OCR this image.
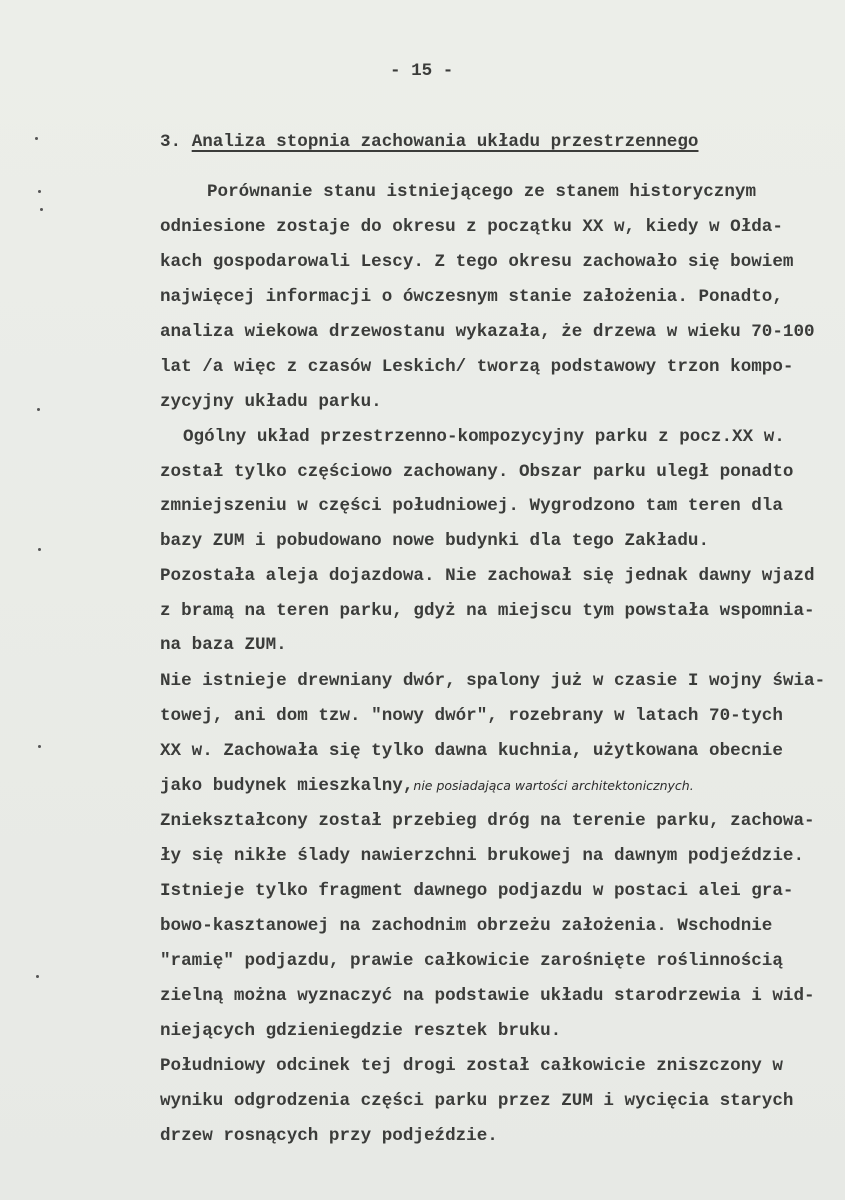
- 15 -
3. Analiza stopnia zachowania układu przestrzennego
Porównanie stanu istniejącego ze stanem historycznym
odniesione zostaje do okresu z początku XX w, kiedy w Ołda-
kach gospodarowali Lescy. Z tego okresu zachowało się bowiem
najwięcej informacji o ówczesnym stanie założenia. Ponadto,
analiza wiekowa drzewostanu wykazała, że drzewa w wieku 70-100
lat /a więc z czasów Leskich/ tworzą podstawowy trzon kompo-
zycyjny układu parku.
Ogólny układ przestrzenno-kompozycyjny parku z pocz.XX w.
został tylko częściowo zachowany. Obszar parku uległ ponadto
zmniejszeniu w części południowej. Wygrodzono tam teren dla
bazy ZUM i pobudowano nowe budynki dla tego Zakładu.
Pozostała aleja dojazdowa. Nie zachował się jednak dawny wjazd
z bramą na teren parku, gdyż na miejscu tym powstała wspomnia-
na baza ZUM.
Nie istnieje drewniany dwór, spalony już w czasie I wojny świa-
towej, ani dom tzw. "nowy dwór", rozebrany w latach 70-tych
XX w. Zachowała się tylko dawna kuchnia, użytkowana obecnie
jako budynek mieszkalny,nie posiadająca wartości architektonicznych.
Zniekształcony został przebieg dróg na terenie parku, zachowa-
ły się nikłe ślady nawierzchni brukowej na dawnym podjeździe.
Istnieje tylko fragment dawnego podjazdu w postaci alei gra-
bowo-kasztanowej na zachodnim obrzeżu założenia. Wschodnie
"ramię" podjazdu, prawie całkowicie zarośnięte roślinnością
zielną można wyznaczyć na podstawie układu starodrzewia i wid-
niejących gdzieniegdzie resztek bruku.
Południowy odcinek tej drogi został całkowicie zniszczony w
wyniku odgrodzenia części parku przez ZUM i wycięcia starych
drzew rosnących przy podjeździe.
